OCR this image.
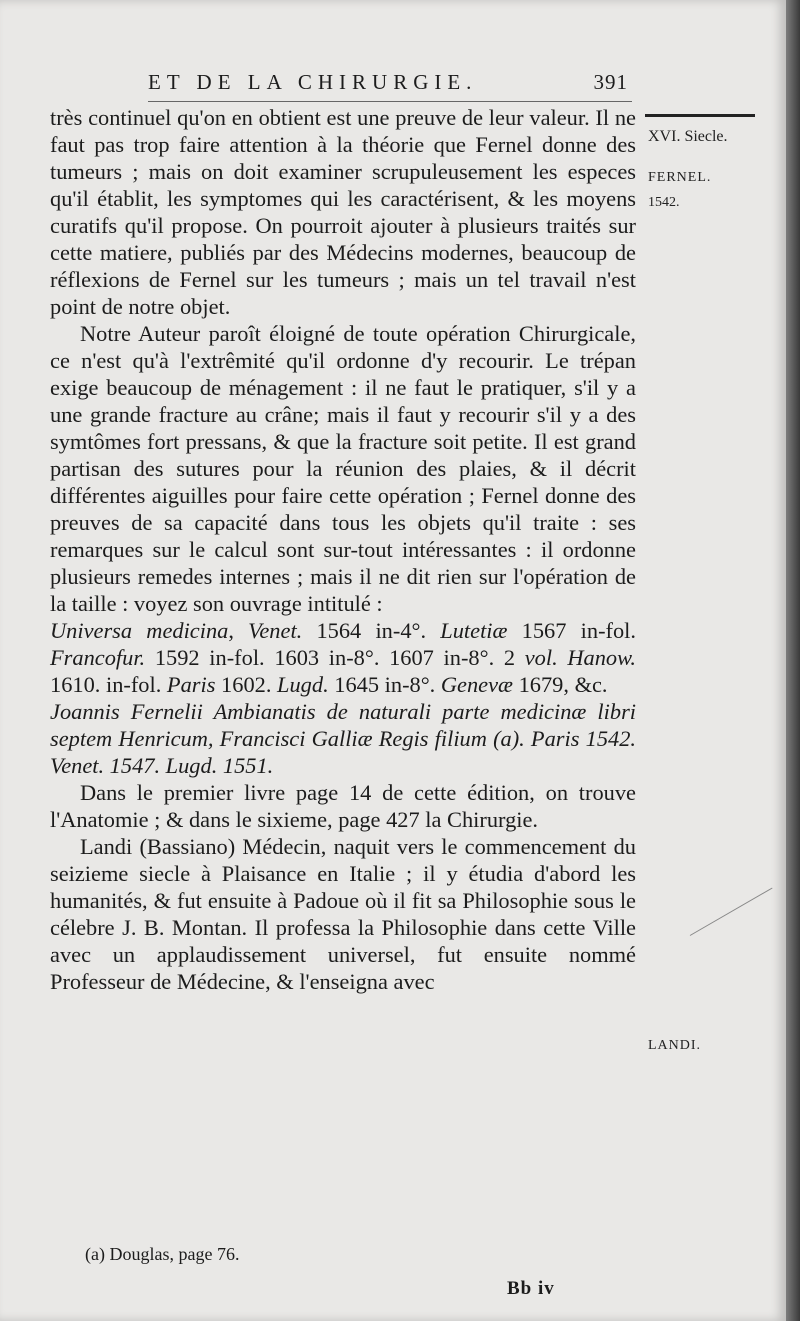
ET DE LA CHIRURGIE.	391
XVI. Siecle.
FERNEL.
1542.
LANDI.

très continuel qu'on en obtient est une preuve de leur valeur. Il ne faut pas trop faire attention à la théorie que Fernel donne des tumeurs ; mais on doit examiner scrupuleusement les especes qu'il établit, les symptomes qui les caractérisent, & les moyens curatifs qu'il propose. On pourroit ajouter à plusieurs traités sur cette matiere, publiés par des Médecins modernes, beaucoup de réflexions de Fernel sur les tumeurs ; mais un tel travail n'est point de notre objet.

Notre Auteur paroît éloigné de toute opération Chirurgicale, ce n'est qu'à l'extrêmité qu'il ordonne d'y recourir. Le trépan exige beaucoup de ménagement : il ne faut le pratiquer, s'il y a une grande fracture au crâne; mais il faut y recourir s'il y a des symtômes fort pressans, & que la fracture soit petite. Il est grand partisan des sutures pour la réunion des plaies, & il décrit différentes aiguilles pour faire cette opération ; Fernel donne des preuves de sa capacité dans tous les objets qu'il traite : ses remarques sur le calcul sont sur-tout intéressantes : il ordonne plusieurs remedes internes ; mais il ne dit rien sur l'opération de la taille : voyez son ouvrage intitulé :

Universa medicina, Venet. 1564 in-4°. Lutetiæ 1567 in-fol. Francofur. 1592 in-fol. 1603 in-8°. 1607 in-8°. 2 vol. Hanow. 1610. in-fol. Paris 1602. Lugd. 1645 in-8°. Genevæ 1679, &c.

Joannis Fernelii Ambianatis de naturali parte medicinæ libri septem Henricum, Francisci Galliæ Regis filium (a). Paris 1542. Venet. 1547. Lugd. 1551.

Dans le premier livre page 14 de cette édition, on trouve l'Anatomie ; & dans le sixieme, page 427 la Chirurgie.

Landi (Bassiano) Médecin, naquit vers le commencement du seizieme siecle à Plaisance en Italie ; il y étudia d'abord les humanités, & fut ensuite à Padoue où il fit sa Philosophie sous le célebre J. B. Montan. Il professa la Philosophie dans cette Ville avec un applaudissement universel, fut ensuite nommé Professeur de Médecine, & l'enseigna avec

(a) Douglas, page 76.
Bb iv
